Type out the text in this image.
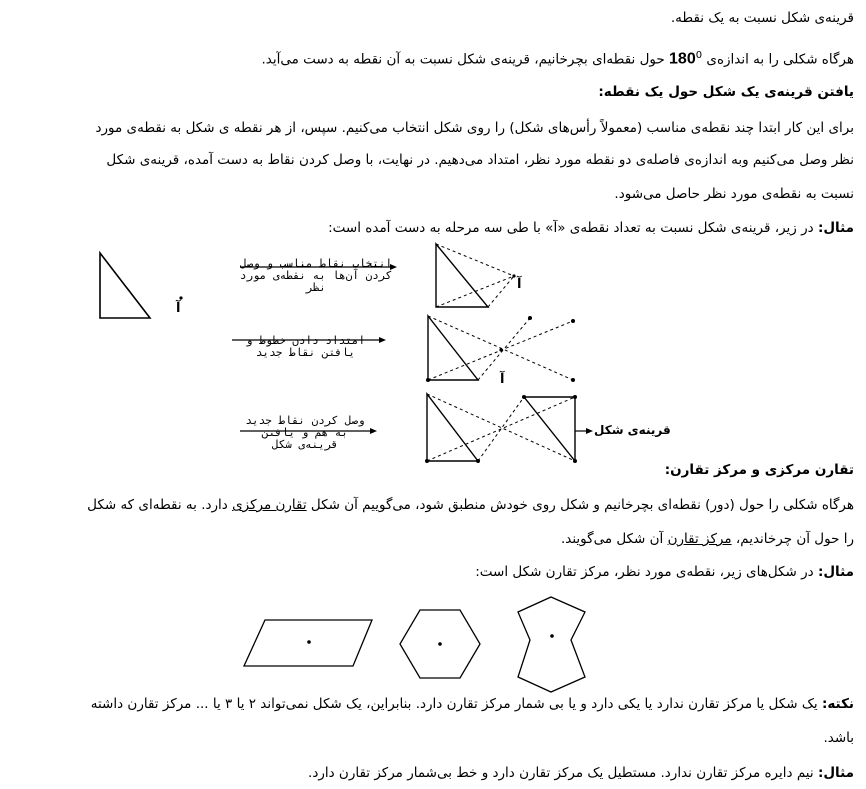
قرینه‌ی شکل نسبت به یک نقطه.
هرگاه شکلی را به اندازه‌ی $180^0$ حول نقطه‌ای بچرخانیم، قرینه‌ی شکل نسبت به آن نقطه به دست می‌آید.
یافتن قرینه‌ی یک شکل حول یک نقطه:
برای این کار ابتدا چند نقطه‌ی مناسب (معمولاً رأس‌های شکل) را روی شکل انتخاب می‌کنیم. سپس، از هر نقطه ی شکل به نقطه‌ی مورد
نظر وصل می‌کنیم وبه اندازه‌ی فاصله‌ی دو نقطه مورد نظر، امتداد می‌دهیم. در نهایت، با وصل کردن نقاط به دست آمده، قرینه‌ی شکل
نسبت به نقطه‌ی مورد نظر حاصل می‌شود.
مثال: در زیر، قرینه‌ی شکل نسبت به تعداد نقطه‌ی «آ» با طی سه مرحله به دست آمده است:
آ
آ
آ
انتخاب نقاط مناسب و وصل کردن آن‌ها به نقطه‌ی مورد نظر
امتداد دادن خطوط و یافتن نقاط جدید
وصل کردن نقاط جدید به هم و یافتن قرینه‌ی شکل
قرینه‌ی شکل
تقارن مرکزی و مرکز تقارن:
هرگاه شکلی را حول (دور) نقطه‌ای بچرخانیم و شکل روی خودش منطبق شود، می‌گوییم آن شکل تقارن مرکزی دارد. به نقطه‌ای که شکل
را حول آن چرخاندیم، مرکز تقارن آن شکل می‌گویند.
مثال: در شکل‌های زیر، نقطه‌ی مورد نظر، مرکز تقارن شکل است:
نکته: یک شکل یا مرکز تقارن ندارد یا یکی دارد و یا بی شمار مرکز تقارن دارد. بنابراین، یک شکل نمی‌تواند ۲ یا ۳ یا ... مرکز تقارن داشته
باشد.
مثال: نیم دایره مرکز تقارن ندارد. مستطیل یک مرکز تقارن دارد و خط بی‌شمار مرکز تقارن دارد.
